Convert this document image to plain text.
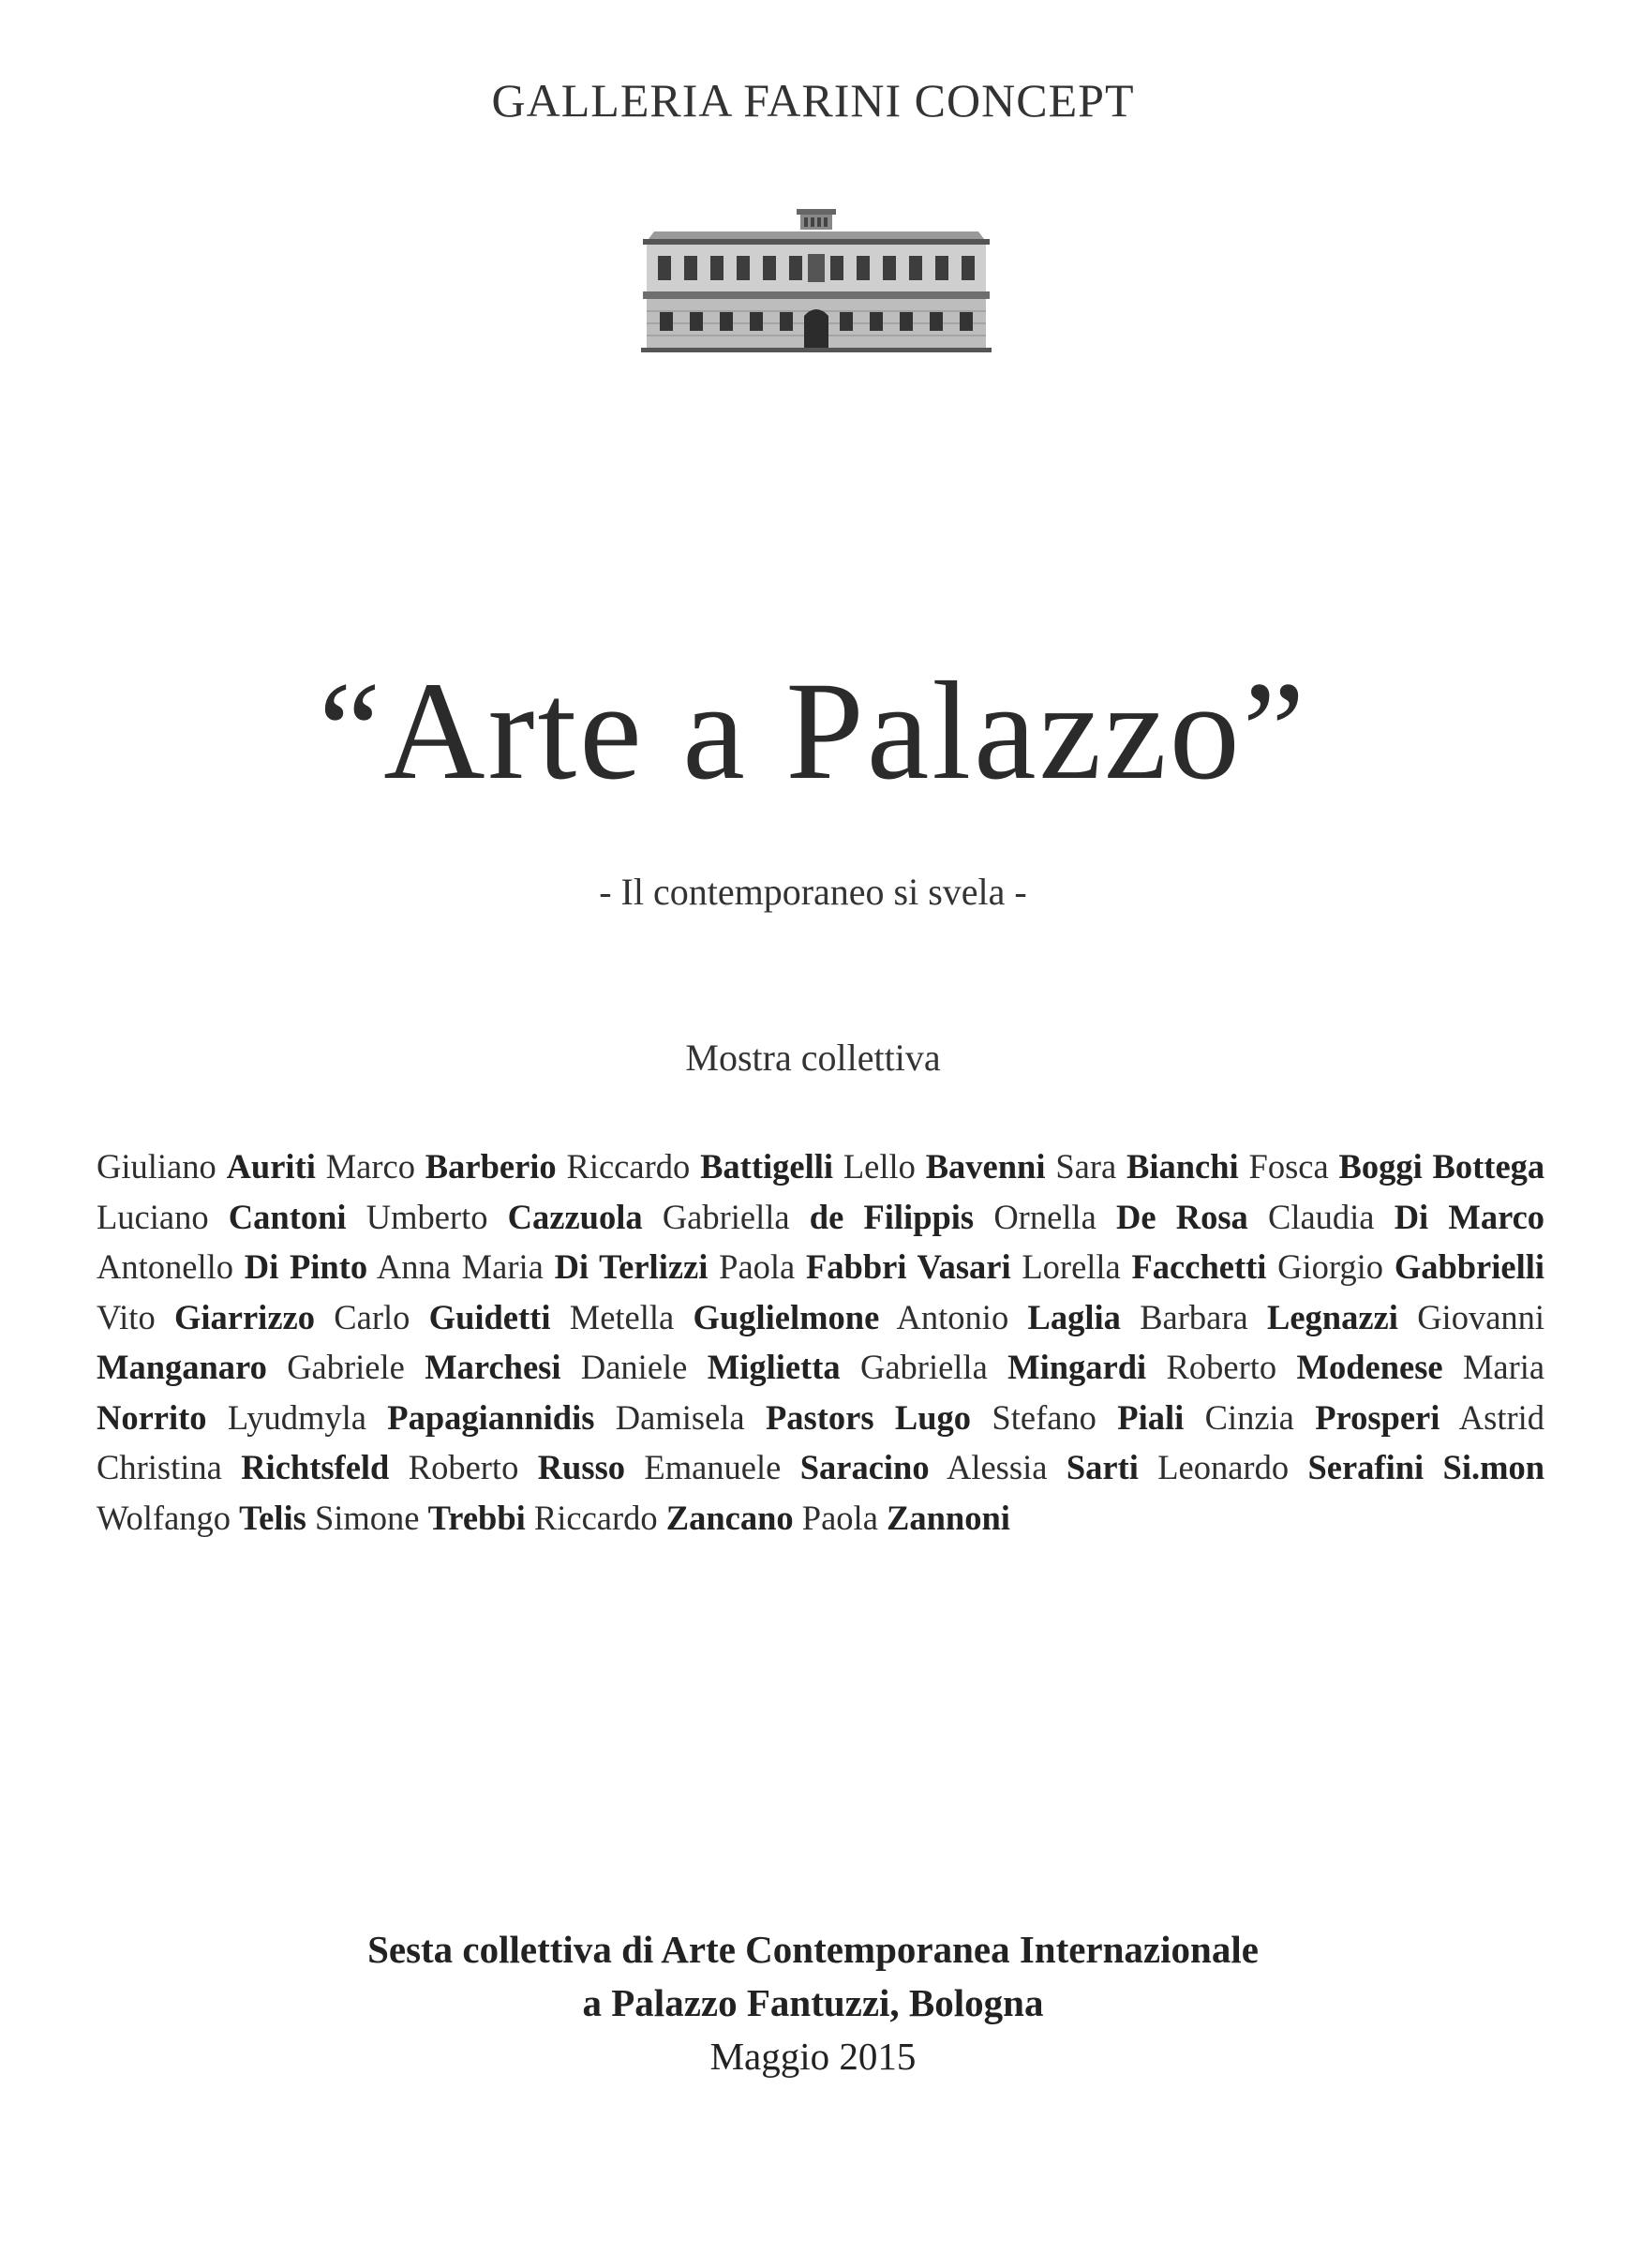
GALLERIA FARINI CONCEPT
“Arte a Palazzo”
- Il contemporaneo si svela -
Mostra collettiva
Giuliano Auriti Marco Barberio Riccardo Battigelli Lello Bavenni Sara Bianchi Fosca Boggi Bottega Luciano Cantoni Umberto Cazzuola Gabriella de Filippis Ornella De Rosa Claudia Di Marco Antonello Di Pinto Anna Maria Di Terlizzi Paola Fabbri Vasari Lorella Facchetti Giorgio Gabbrielli Vito Giarrizzo Carlo Guidetti Metella Guglielmone Antonio Laglia Barbara Legnazzi Giovanni Manganaro Gabriele Marchesi Daniele Miglietta Gabriella Mingardi Roberto Modenese Maria Norrito Lyudmyla Papagiannidis Damisela Pastors Lugo Stefano Piali Cinzia Prosperi Astrid Christina Richtsfeld Roberto Russo Emanuele Saracino Alessia Sarti Leonardo Serafini Si.mon Wolfango Telis Simone Trebbi Riccardo Zancano Paola Zannoni
Sesta collettiva di Arte Contemporanea Internazionale
a Palazzo Fantuzzi, Bologna
Maggio 2015
